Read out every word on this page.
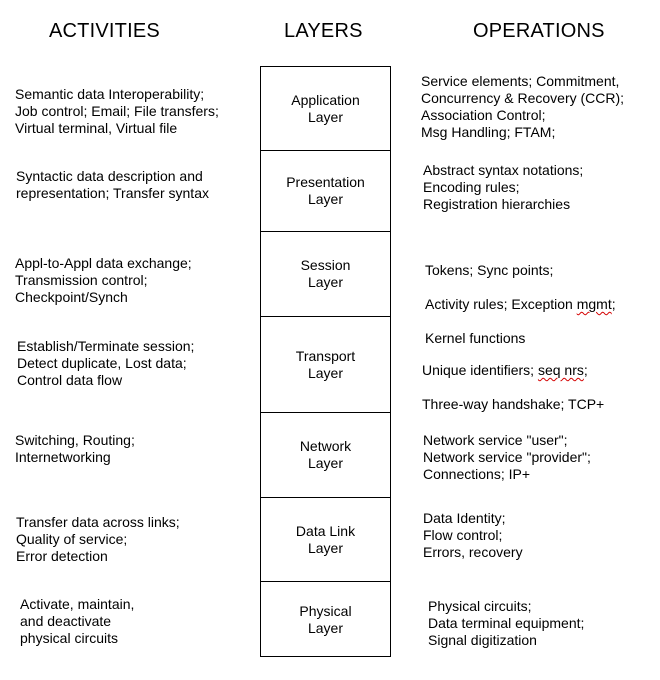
ACTIVITIES	LAYERS	OPERATIONS
Application
Layer
Presentation
Layer
Session
Layer
Transport
Layer
Network
Layer
Data Link
Layer
Physical
Layer
Semantic data Interoperability;
Job control; Email; File transfers;
Virtual terminal, Virtual file
Syntactic data description and
representation; Transfer syntax
Appl-to-Appl data exchange;
Transmission control;
Checkpoint/Synch
Establish/Terminate session;
Detect duplicate, Lost data;
Control data flow
Switching, Routing;
Internetworking
Transfer data across links;
Quality of service;
Error detection
Activate, maintain,
and deactivate
physical circuits
Service elements; Commitment,
Concurrency & Recovery (CCR);
Association Control;
Msg Handling; FTAM;
Abstract syntax notations;
Encoding rules;
Registration hierarchies

Tokens; Sync points;

Activity rules; Exception mgmt;

Kernel functions

Unique identifiers; seq nrs;

Three-way handshake; TCP+

Network service "user";
Network service "provider";
Connections; IP+
Data Identity;
Flow control;
Errors, recovery
Physical circuits;
Data terminal equipment;
Signal digitization
